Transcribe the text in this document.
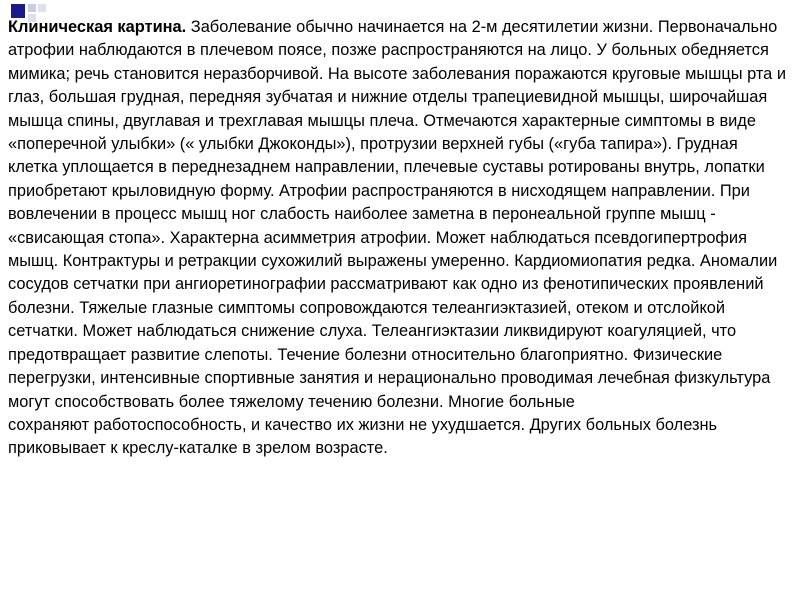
Клиническая картина. Заболевание обычно начинается на 2-м десятилетии жизни. Первоначально атрофии наблюдаются в плечевом поясе, позже распространяются на лицо. У больных обедняется мимика; речь становится неразборчивой. На высоте заболевания поражаются круговые мышцы рта и глаз, большая грудная, передняя зубчатая и нижние отделы трапециевидной мышцы, широчайшая мышца спины, двуглавая и трехглавая мышцы плеча. Отмечаются характерные симптомы в виде «поперечной улыбки» (« улыбки Джоконды»), протрузии верхней губы («губа тапира»). Грудная клетка уплощается в переднезаднем направлении, плечевые суставы ротированы внутрь, лопатки приобретают крыловидную форму. Атрофии распространяются в нисходящем направлении. При вовлечении в процесс мышц ног слабость наиболее заметна в перонеальной группе мышц - «свисающая стопа». Характерна асимметрия атрофии. Может наблюдаться псевдогипертрофия мышц. Контрактуры и ретракции сухожилий выражены умеренно. Кардиомиопатия редка. Аномалии сосудов сетчатки при ангиоретинографии рассматривают как одно из фенотипических проявлений болезни. Тяжелые глазные симптомы сопровождаются телеангиэктазией, отеком и отслойкой сетчатки. Может наблюдаться снижение слуха. Телеангиэктазии ликвидируют коагуляцией, что предотвращает развитие слепоты. Течение болезни относительно благоприятно. Физические перегрузки, интенсивные спортивные занятия и нерационально проводимая лечебная физкультура могут способствовать более тяжелому течению болезни. Многие больные

сохраняют работоспособность, и качество их жизни не ухудшается. Других больных болезнь приковывает к креслу-каталке в зрелом возрасте.
